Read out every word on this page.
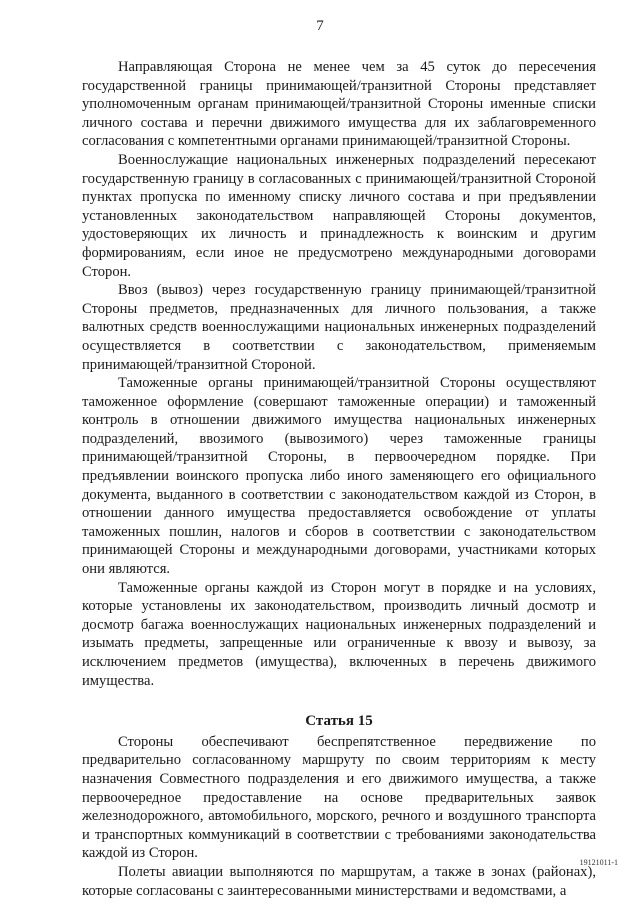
7

Направляющая Сторона не менее чем за 45 суток до пересечения государственной границы принимающей/транзитной Стороны представляет уполномоченным органам принимающей/транзитной Стороны именные списки личного состава и перечни движимого имущества для их заблаговременного согласования с компетентными органами принимающей/транзитной Стороны.

Военнослужащие национальных инженерных подразделений пересекают государственную границу в согласованных с принимающей/транзитной Стороной пунктах пропуска по именному списку личного состава и при предъявлении установленных законодательством направляющей Стороны документов, удостоверяющих их личность и принадлежность к воинским и другим формированиям, если иное не предусмотрено международными договорами Сторон.

Ввоз (вывоз) через государственную границу принимающей/транзитной Стороны предметов, предназначенных для личного пользования, а также валютных средств военнослужащими национальных инженерных подразделений осуществляется в соответствии с законодательством, применяемым принимающей/транзитной Стороной.

Таможенные органы принимающей/транзитной Стороны осуществляют таможенное оформление (совершают таможенные операции) и таможенный контроль в отношении движимого имущества национальных инженерных подразделений, ввозимого (вывозимого) через таможенные границы принимающей/транзитной Стороны, в первоочередном порядке. При предъявлении воинского пропуска либо иного заменяющего его официального документа, выданного в соответствии с законодательством каждой из Сторон, в отношении данного имущества предоставляется освобождение от уплаты таможенных пошлин, налогов и сборов в соответствии с законодательством принимающей Стороны и международными договорами, участниками которых они являются.

Таможенные органы каждой из Сторон могут в порядке и на условиях, которые установлены их законодательством, производить личный досмотр и досмотр багажа военнослужащих национальных инженерных подразделений и изымать предметы, запрещенные или ограниченные к ввозу и вывозу, за исключением предметов (имущества), включенных в перечень движимого имущества.

Статья 15

Стороны обеспечивают беспрепятственное передвижение по предварительно согласованному маршруту по своим территориям к месту назначения Совместного подразделения и его движимого имущества, а также первоочередное предоставление на основе предварительных заявок железнодорожного, автомобильного, морского, речного и воздушного транспорта и транспортных коммуникаций в соответствии с требованиями законодательства каждой из Сторон.

Полеты авиации выполняются по маршрутам, а также в зонах (районах), которые согласованы с заинтересованными министерствами и ведомствами, а

19121011-1
